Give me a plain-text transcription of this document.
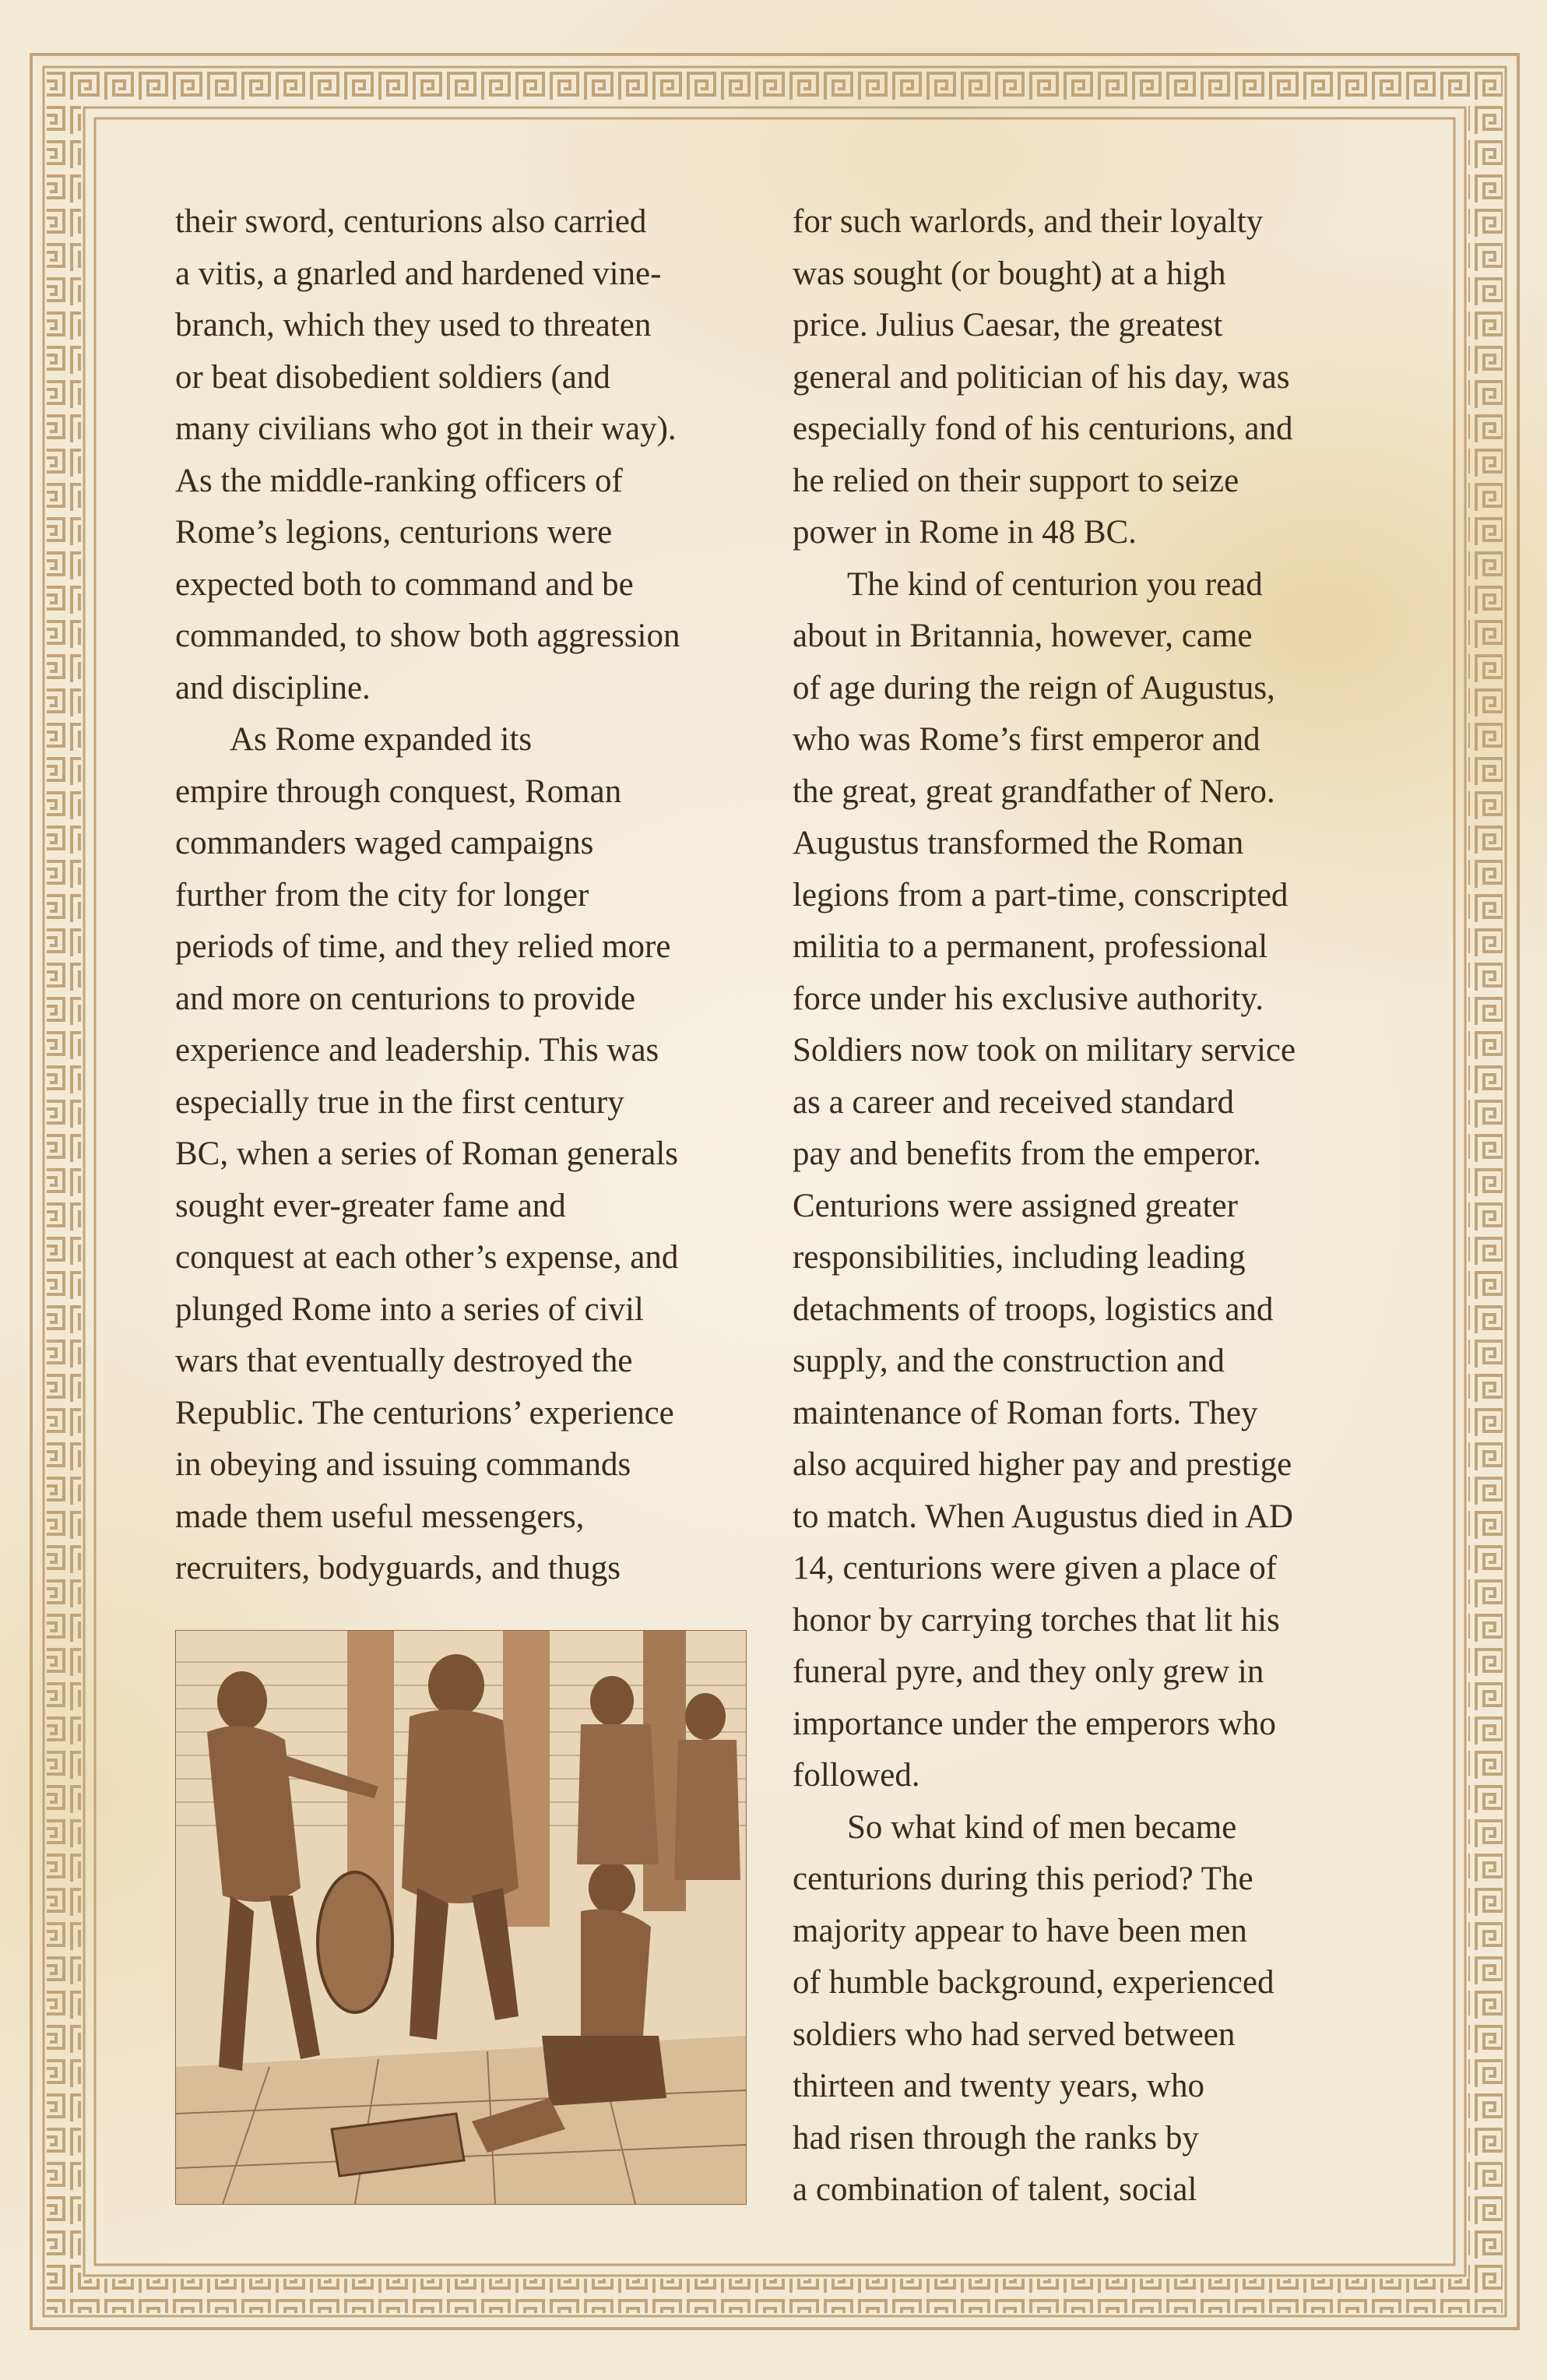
their sword, centurions also carried
a vitis, a gnarled and hardened vine-
branch, which they used to threaten
or beat disobedient soldiers (and
many civilians who got in their way).
As the middle-ranking officers of
Rome’s legions, centurions were
expected both to command and be
commanded, to show both aggression
and discipline.
As Rome expanded its
empire through conquest, Roman
commanders waged campaigns
further from the city for longer
periods of time, and they relied more
and more on centurions to provide
experience and leadership. This was
especially true in the first century
BC, when a series of Roman generals
sought ever-greater fame and
conquest at each other’s expense, and
plunged Rome into a series of civil
wars that eventually destroyed the
Republic. The centurions’ experience
in obeying and issuing commands
made them useful messengers,
recruiters, bodyguards, and thugs
for such warlords, and their loyalty
was sought (or bought) at a high
price. Julius Caesar, the greatest
general and politician of his day, was
especially fond of his centurions, and
he relied on their support to seize
power in Rome in 48 BC.
The kind of centurion you read
about in Britannia, however, came
of age during the reign of Augustus,
who was Rome’s first emperor and
the great, great grandfather of Nero.
Augustus transformed the Roman
legions from a part-time, conscripted
militia to a permanent, professional
force under his exclusive authority.
Soldiers now took on military service
as a career and received standard
pay and benefits from the emperor.
Centurions were assigned greater
responsibilities, including leading
detachments of troops, logistics and
supply, and the construction and
maintenance of Roman forts. They
also acquired higher pay and prestige
to match. When Augustus died in AD
14, centurions were given a place of
honor by carrying torches that lit his
funeral pyre, and they only grew in
importance under the emperors who
followed.
So what kind of men became
centurions during this period? The
majority appear to have been men
of humble background, experienced
soldiers who had served between
thirteen and twenty years, who
had risen through the ranks by
a combination of talent, social
